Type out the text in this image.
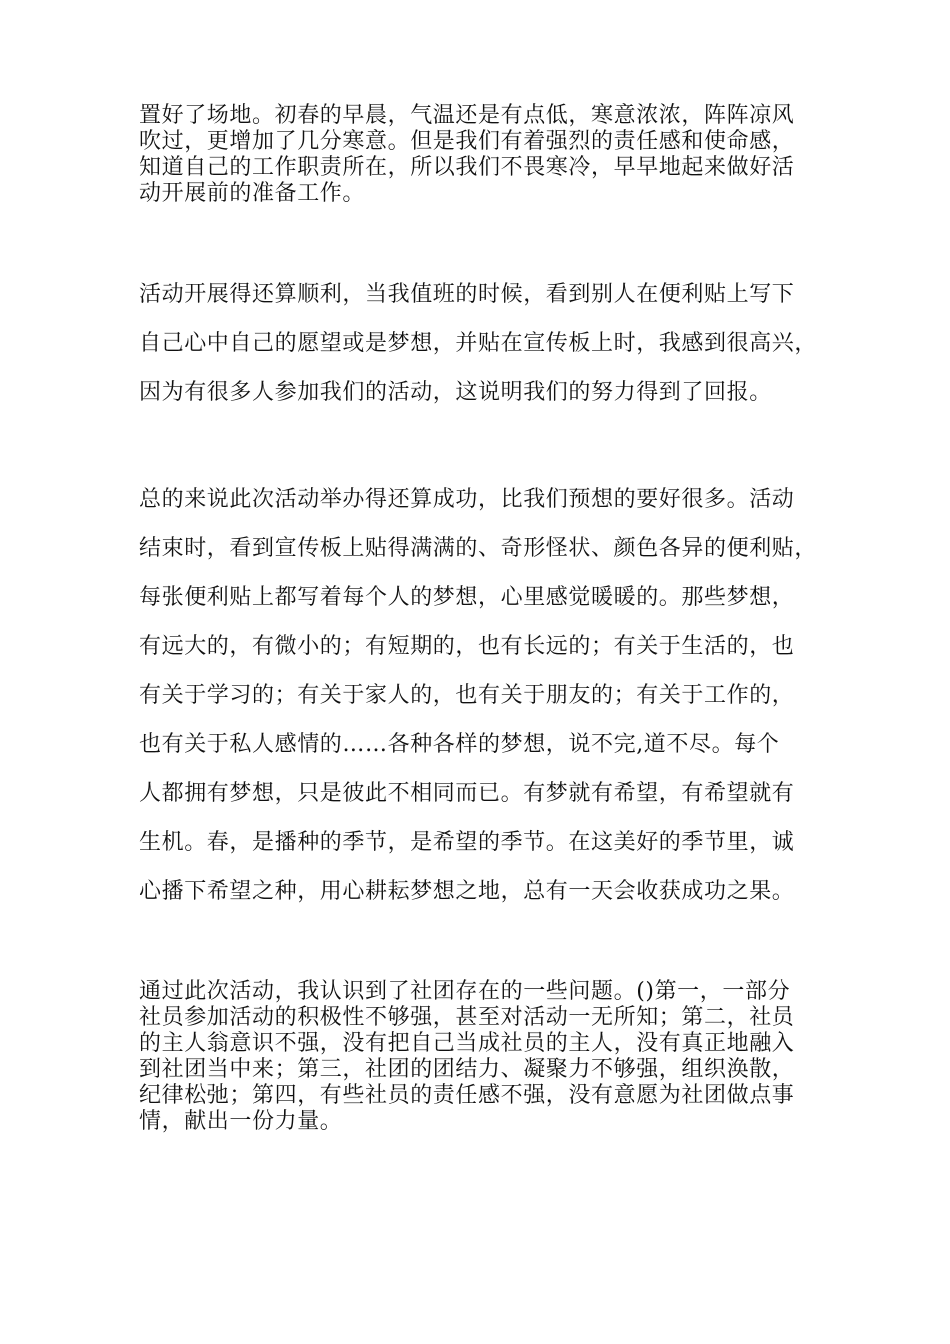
置好了场地。初春的早晨，气温还是有点低，寒意浓浓，阵阵凉风
吹过，更增加了几分寒意。但是我们有着强烈的责任感和使命感，
知道自己的工作职责所在，所以我们不畏寒冷，早早地起来做好活
动开展前的准备工作。

活动开展得还算顺利，当我值班的时候，看到别人在便利贴上写下
自己心中自己的愿望或是梦想，并贴在宣传板上时，我感到很高兴，
因为有很多人参加我们的活动，这说明我们的努力得到了回报。

总的来说此次活动举办得还算成功，比我们预想的要好很多。活动
结束时，看到宣传板上贴得满满的、奇形怪状、颜色各异的便利贴，
每张便利贴上都写着每个人的梦想，心里感觉暖暖的。那些梦想，
有远大的，有微小的；有短期的，也有长远的；有关于生活的，也
有关于学习的；有关于家人的，也有关于朋友的；有关于工作的，
也有关于私人感情的……各种各样的梦想，说不完,道不尽。每个
人都拥有梦想，只是彼此不相同而已。有梦就有希望，有希望就有
生机。春，是播种的季节，是希望的季节。在这美好的季节里，诚
心播下希望之种，用心耕耘梦想之地，总有一天会收获成功之果。

通过此次活动，我认识到了社团存在的一些问题。()第一，一部分
社员参加活动的积极性不够强，甚至对活动一无所知；第二，社员
的主人翁意识不强，没有把自己当成社员的主人，没有真正地融入
到社团当中来；第三，社团的团结力、凝聚力不够强，组织涣散，
纪律松弛；第四，有些社员的责任感不强，没有意愿为社团做点事
情，献出一份力量。
